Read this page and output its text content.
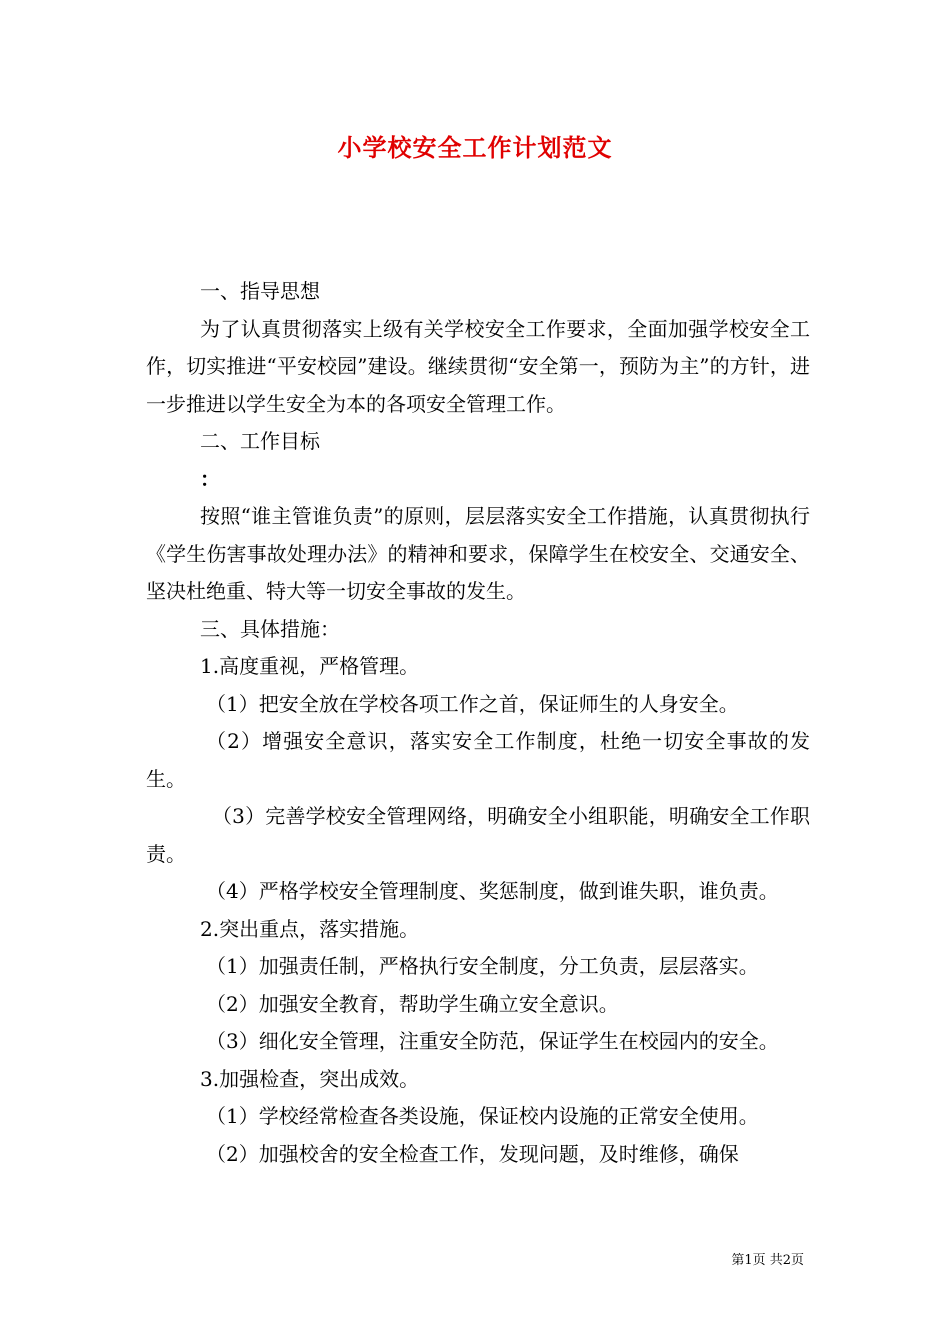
小学校安全工作计划范文

一、指导思想

为了认真贯彻落实上级有关学校安全工作要求，全面加强学校安全工作，切实推进“平安校园”建设。继续贯彻“安全第一，预防为主”的方针，进一步推进以学生安全为本的各项安全管理工作。

二、工作目标

：

按照“谁主管谁负责”的原则，层层落实安全工作措施，认真贯彻执行《学生伤害事故处理办法》的精神和要求，保障学生在校安全、交通安全、坚决杜绝重、特大等一切安全事故的发生。

三、具体措施：

1.高度重视，严格管理。

（1）把安全放在学校各项工作之首，保证师生的人身安全。

（2）增强安全意识，落实安全工作制度，杜绝一切安全事故的发生。

（3）完善学校安全管理网络，明确安全小组职能，明确安全工作职责。

（4）严格学校安全管理制度、奖惩制度，做到谁失职，谁负责。

2.突出重点，落实措施。

（1）加强责任制，严格执行安全制度，分工负责，层层落实。

（2）加强安全教育，帮助学生确立安全意识。

（3）细化安全管理，注重安全防范，保证学生在校园内的安全。

3.加强检查，突出成效。

（1）学校经常检查各类设施，保证校内设施的正常安全使用。

（2）加强校舍的安全检查工作，发现问题，及时维修，确保

第1页 共2页
